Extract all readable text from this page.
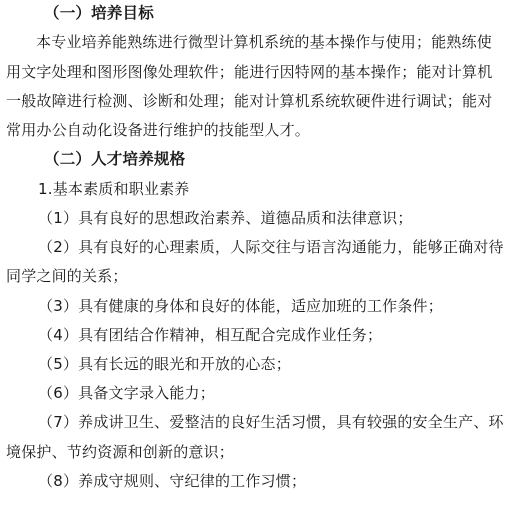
（一）培养目标
本专业培养能熟练进行微型计算机系统的基本操作与使用；能熟练使
用文字处理和图形图像处理软件；能进行因特网的基本操作；能对计算机
一般故障进行检测、诊断和处理；能对计算机系统软硬件进行调试；能对
常用办公自动化设备进行维护的技能型人才。
（二）人才培养规格
1.基本素质和职业素养
（1）具有良好的思想政治素养、道德品质和法律意识；
（2）具有良好的心理素质，人际交往与语言沟通能力，能够正确对待
同学之间的关系；
（3）具有健康的身体和良好的体能，适应加班的工作条件；
（4）具有团结合作精神，相互配合完成作业任务；
（5）具有长远的眼光和开放的心态；
（6）具备文字录入能力；
（7）养成讲卫生、爱整洁的良好生活习惯，具有较强的安全生产、环
境保护、节约资源和创新的意识；
（8）养成守规则、守纪律的工作习惯；
